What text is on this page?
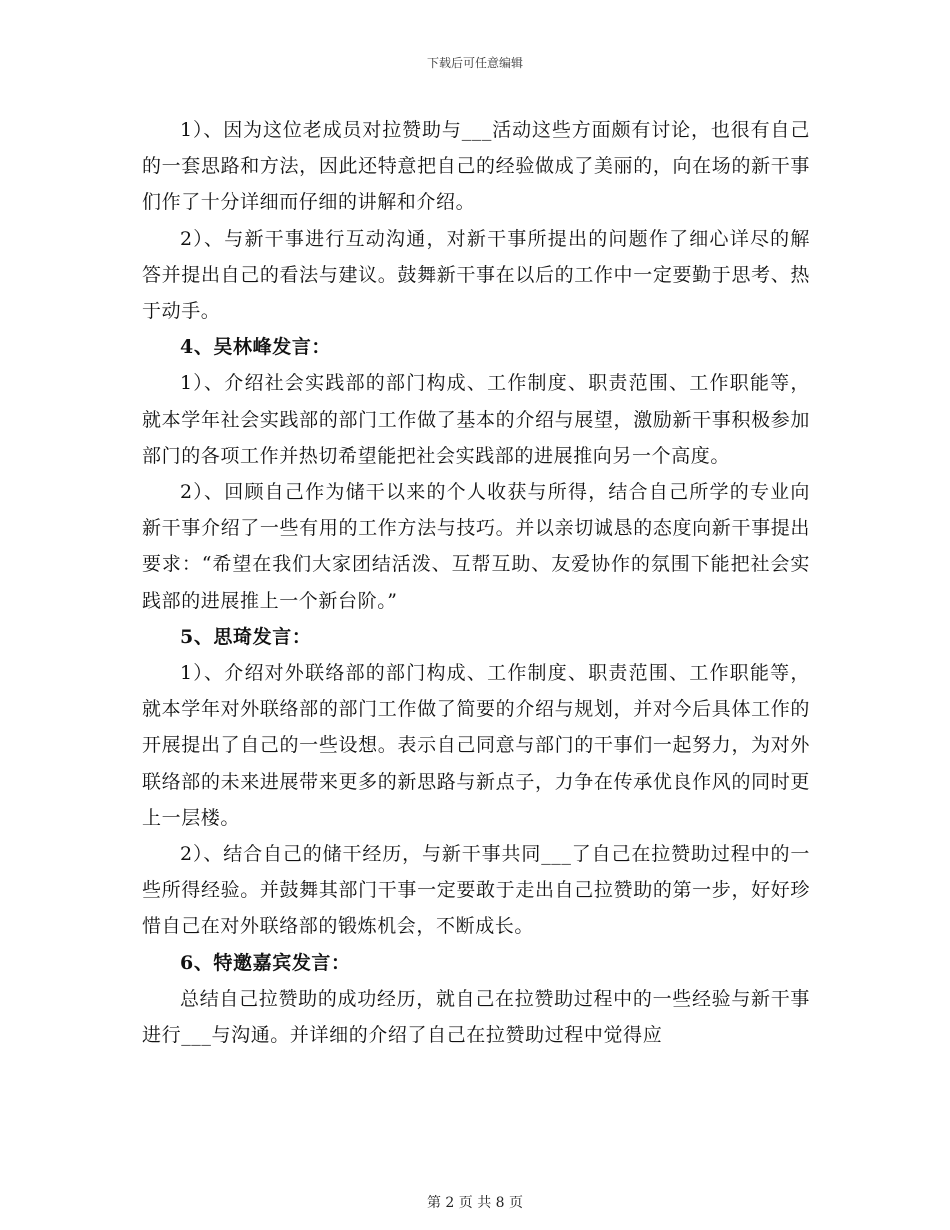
下载后可任意编辑

1）、因为这位老成员对拉赞助与___活动这些方面颇有讨论，也很有自己的一套思路和方法，因此还特意把自己的经验做成了美丽的，向在场的新干事们作了十分详细而仔细的讲解和介绍。

2）、与新干事进行互动沟通，对新干事所提出的问题作了细心详尽的解答并提出自己的看法与建议。鼓舞新干事在以后的工作中一定要勤于思考、热于动手。

4、吴林峰发言：

1）、介绍社会实践部的部门构成、工作制度、职责范围、工作职能等，就本学年社会实践部的部门工作做了基本的介绍与展望，激励新干事积极参加部门的各项工作并热切希望能把社会实践部的进展推向另一个高度。

2）、回顾自己作为储干以来的个人收获与所得，结合自己所学的专业向新干事介绍了一些有用的工作方法与技巧。并以亲切诚恳的态度向新干事提出要求：“希望在我们大家团结活泼、互帮互助、友爱协作的氛围下能把社会实践部的进展推上一个新台阶。”

5、思琦发言：

1）、介绍对外联络部的部门构成、工作制度、职责范围、工作职能等，就本学年对外联络部的部门工作做了简要的介绍与规划，并对今后具体工作的开展提出了自己的一些设想。表示自己同意与部门的干事们一起努力，为对外联络部的未来进展带来更多的新思路与新点子，力争在传承优良作风的同时更上一层楼。

2）、结合自己的储干经历，与新干事共同___了自己在拉赞助过程中的一些所得经验。并鼓舞其部门干事一定要敢于走出自己拉赞助的第一步，好好珍惜自己在对外联络部的锻炼机会，不断成长。

6、特邀嘉宾发言：

总结自己拉赞助的成功经历，就自己在拉赞助过程中的一些经验与新干事进行___与沟通。并详细的介绍了自己在拉赞助过程中觉得应

第 2 页 共 8 页
